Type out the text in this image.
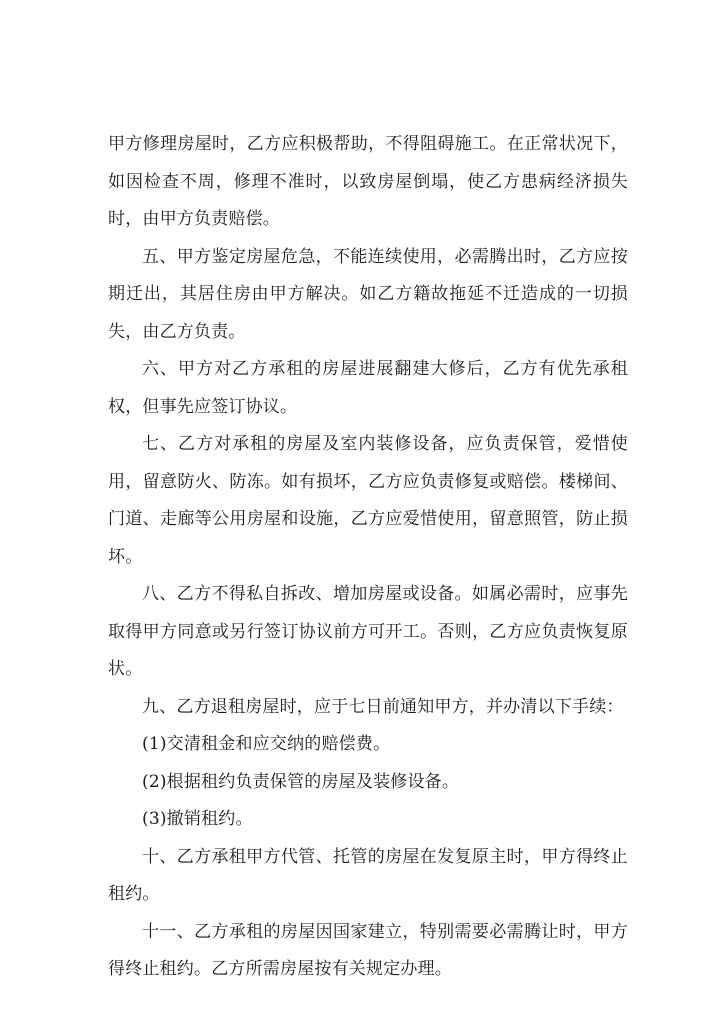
甲方修理房屋时，乙方应积极帮助，不得阻碍施工。在正常状况下，如因检查不周，修理不准时，以致房屋倒塌，使乙方患病经济损失时，由甲方负责赔偿。

五、甲方鉴定房屋危急，不能连续使用，必需腾出时，乙方应按期迁出，其居住房由甲方解决。如乙方籍故拖延不迁造成的一切损失，由乙方负责。

六、甲方对乙方承租的房屋进展翻建大修后，乙方有优先承租权，但事先应签订协议。

七、乙方对承租的房屋及室内装修设备，应负责保管，爱惜使用，留意防火、防冻。如有损坏，乙方应负责修复或赔偿。楼梯间、门道、走廊等公用房屋和设施，乙方应爱惜使用，留意照管，防止损坏。

八、乙方不得私自拆改、增加房屋或设备。如属必需时，应事先取得甲方同意或另行签订协议前方可开工。否则，乙方应负责恢复原状。

九、乙方退租房屋时，应于七日前通知甲方，并办清以下手续：

(1)交清租金和应交纳的赔偿费。

(2)根据租约负责保管的房屋及装修设备。

(3)撤销租约。

十、乙方承租甲方代管、托管的房屋在发复原主时，甲方得终止租约。

十一、乙方承租的房屋因国家建立，特别需要必需腾让时，甲方得终止租约。乙方所需房屋按有关规定办理。
